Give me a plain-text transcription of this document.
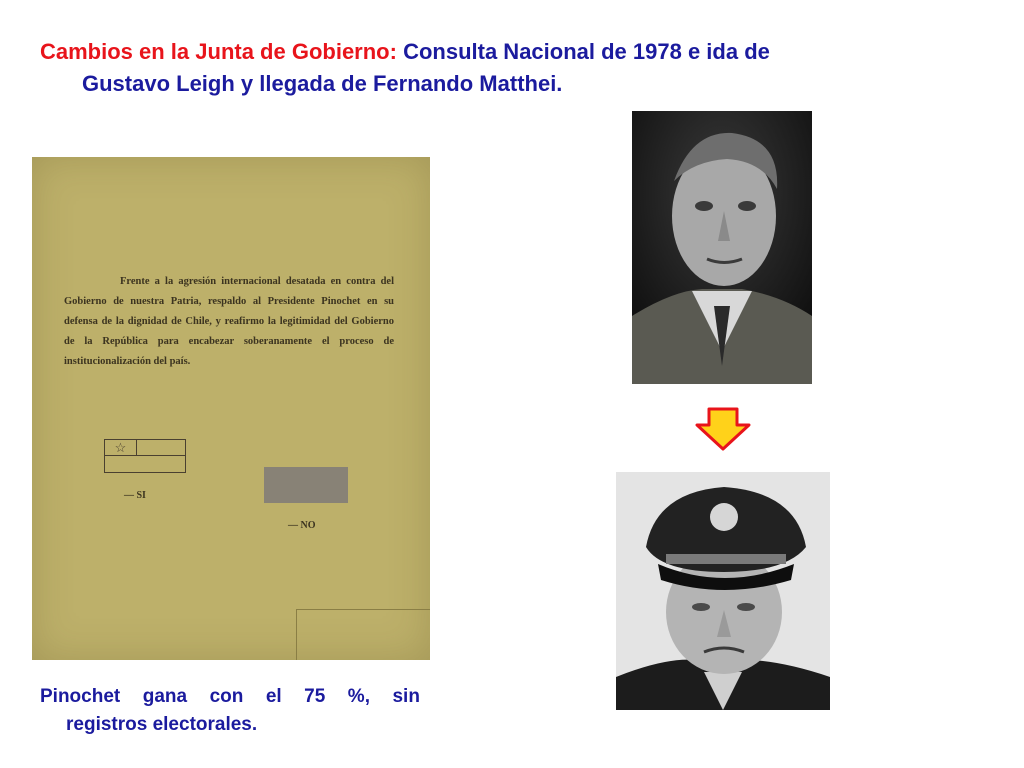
Cambios en la Junta de Gobierno: Consulta Nacional de 1978 e ida de
Gustavo Leigh y llegada de Fernando Matthei.

Frente a la agresión internacional desatada en contra del Gobierno de nuestra Patria, respaldo al Presidente Pinochet en su defensa de la dignidad de Chile, y reafirmo la legitimidad del Gobierno de la República para encabezar soberanamente el proceso de institucionalización del país.

☆
— SI
— NO
Pinochet gana con el 75 %, sin
registros electorales.
